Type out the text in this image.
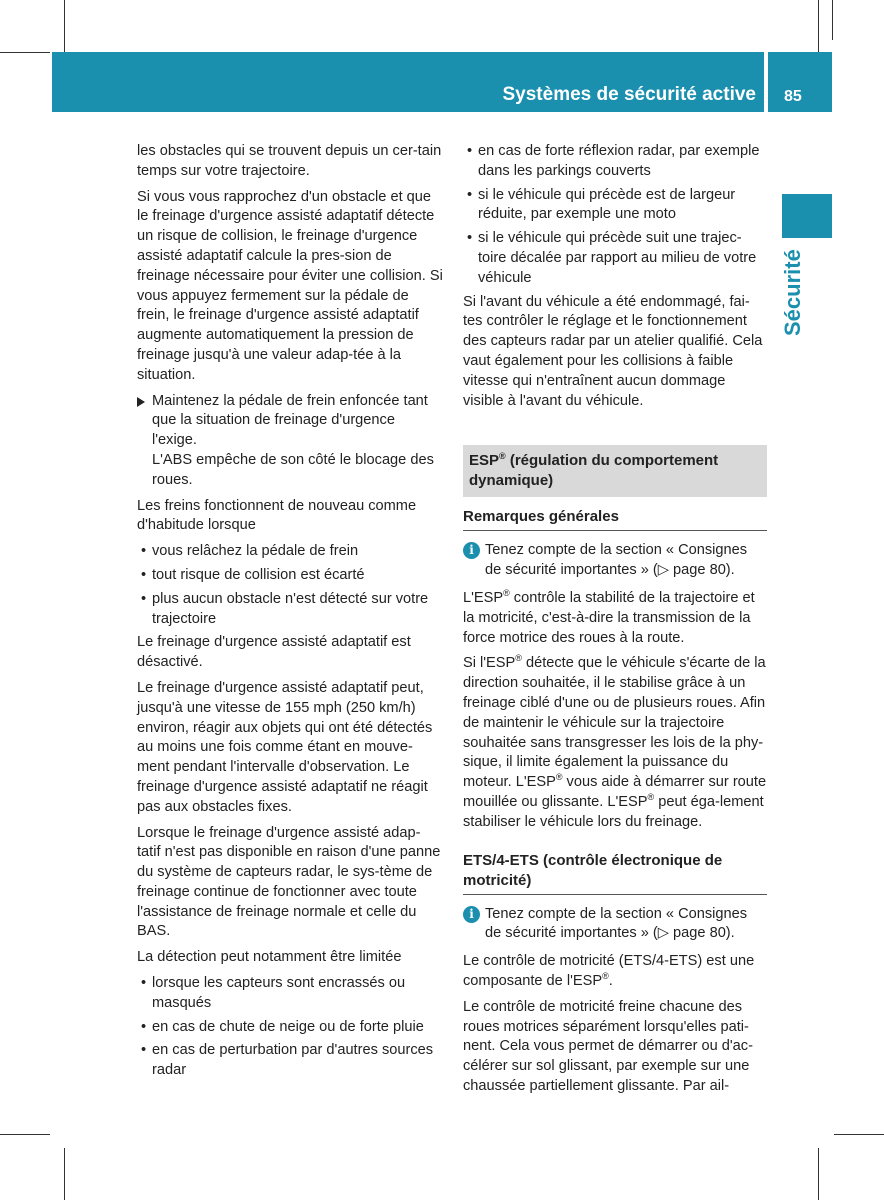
Systèmes de sécurité active 85
Sécurité

les obstacles qui se trouvent depuis un cer-tain temps sur votre trajectoire.

Si vous vous rapprochez d'un obstacle et que le freinage d'urgence assisté adaptatif détecte un risque de collision, le freinage d'urgence assisté adaptatif calcule la pres-sion de freinage nécessaire pour éviter une collision. Si vous appuyez fermement sur la pédale de frein, le freinage d'urgence assisté adaptatif augmente automatiquement la pression de freinage jusqu'à une valeur adap-tée à la situation.

Maintenez la pédale de frein enfoncée tant que la situation de freinage d'urgence l'exige.
L'ABS empêche de son côté le blocage des roues.

Les freins fonctionnent de nouveau comme d'habitude lorsque

• vous relâchez la pédale de frein
• tout risque de collision est écarté
• plus aucun obstacle n'est détecté sur votre trajectoire

Le freinage d'urgence assisté adaptatif est désactivé.

Le freinage d'urgence assisté adaptatif peut, jusqu'à une vitesse de 155 mph (250 km/h) environ, réagir aux objets qui ont été détectés au moins une fois comme étant en mouve-ment pendant l'intervalle d'observation. Le freinage d'urgence assisté adaptatif ne réagit pas aux obstacles fixes.

Lorsque le freinage d'urgence assisté adap-tatif n'est pas disponible en raison d'une panne du système de capteurs radar, le sys-tème de freinage continue de fonctionner avec toute l'assistance de freinage normale et celle du BAS.

La détection peut notamment être limitée

• lorsque les capteurs sont encrassés ou masqués
• en cas de chute de neige ou de forte pluie
• en cas de perturbation par d'autres sources radar
• en cas de forte réflexion radar, par exemple dans les parkings couverts
• si le véhicule qui précède est de largeur réduite, par exemple une moto
• si le véhicule qui précède suit une trajec-toire décalée par rapport au milieu de votre véhicule

Si l'avant du véhicule a été endommagé, fai-tes contrôler le réglage et le fonctionnement des capteurs radar par un atelier qualifié. Cela vaut également pour les collisions à faible vitesse qui n'entraînent aucun dommage visible à l'avant du véhicule.

ESP® (régulation du comportement dynamique)
Remarques générales
i Tenez compte de la section « Consignes de sécurité importantes » (▷ page 80).

L'ESP® contrôle la stabilité de la trajectoire et la motricité, c'est-à-dire la transmission de la force motrice des roues à la route.

Si l'ESP® détecte que le véhicule s'écarte de la direction souhaitée, il le stabilise grâce à un freinage ciblé d'une ou de plusieurs roues. Afin de maintenir le véhicule sur la trajectoire souhaitée sans transgresser les lois de la phy-sique, il limite également la puissance du moteur. L'ESP® vous aide à démarrer sur route mouillée ou glissante. L'ESP® peut éga-lement stabiliser le véhicule lors du freinage.

ETS/4-ETS (contrôle électronique de motricité)
i Tenez compte de la section « Consignes de sécurité importantes » (▷ page 80).

Le contrôle de motricité (ETS/4-ETS) est une composante de l'ESP®.

Le contrôle de motricité freine chacune des roues motrices séparément lorsqu'elles pati-nent. Cela vous permet de démarrer ou d'ac-célérer sur sol glissant, par exemple sur une chaussée partiellement glissante. Par ail-
